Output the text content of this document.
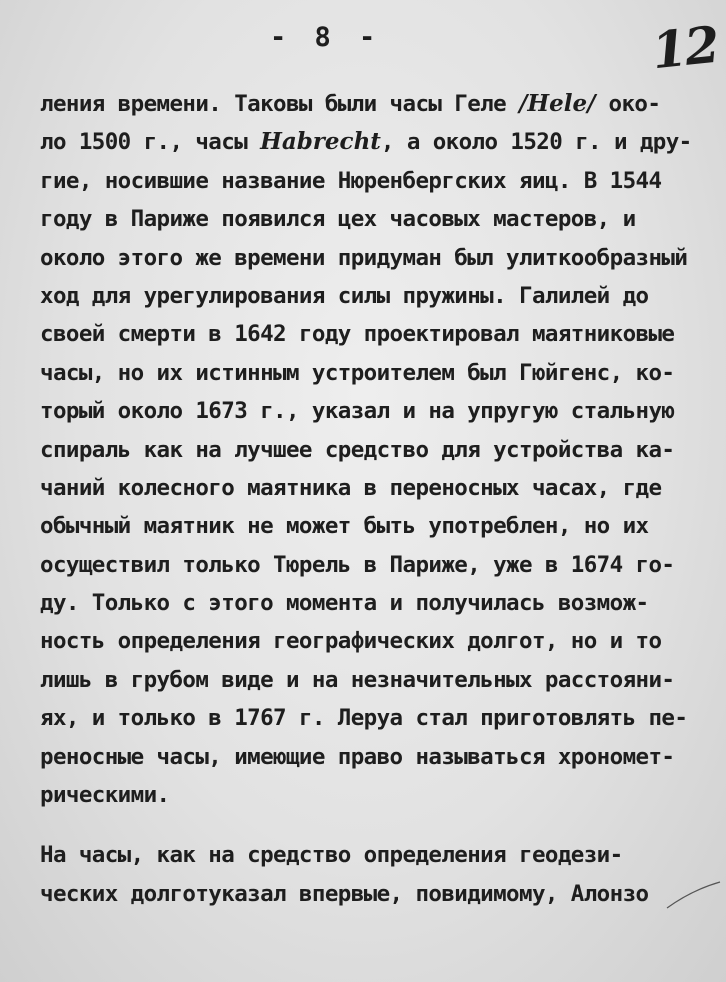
- 8 -	12
ления времени. Таковы были часы Геле /Hele/ око-
ло 1500 г., часы Habrecht, а около 1520 г. и дру-
гие, носившие название Нюренбергских яиц. В 1544
году в Париже появился цех часовых мастеров, и
около этого же времени придуман был улиткообразный
ход для урегулирования силы пружины. Галилей до
своей смерти в 1642 году проектировал маятниковые
часы, но их истинным устроителем был Гюйгенс, ко-
торый около 1673 г., указал и на упругую стальную
спираль как на лучшее средство для устройства ка-
чаний колесного маятника в переносных часах, где
обычный маятник не может быть употреблен, но их
осуществил только Тюрель в Париже, уже в 1674 го-
ду. Только с этого момента и получилась возмож-
ность определения географических долгот, но и то
лишь в грубом виде и на незначительных расстояни-
ях, и только в 1767 г. Леруа стал приготовлять пе-
реносные часы, имеющие право называться хрономет-
рическими.
На часы, как на средство определения геодези-
ческих долготуказал впервые, повидимому, Алонзо
